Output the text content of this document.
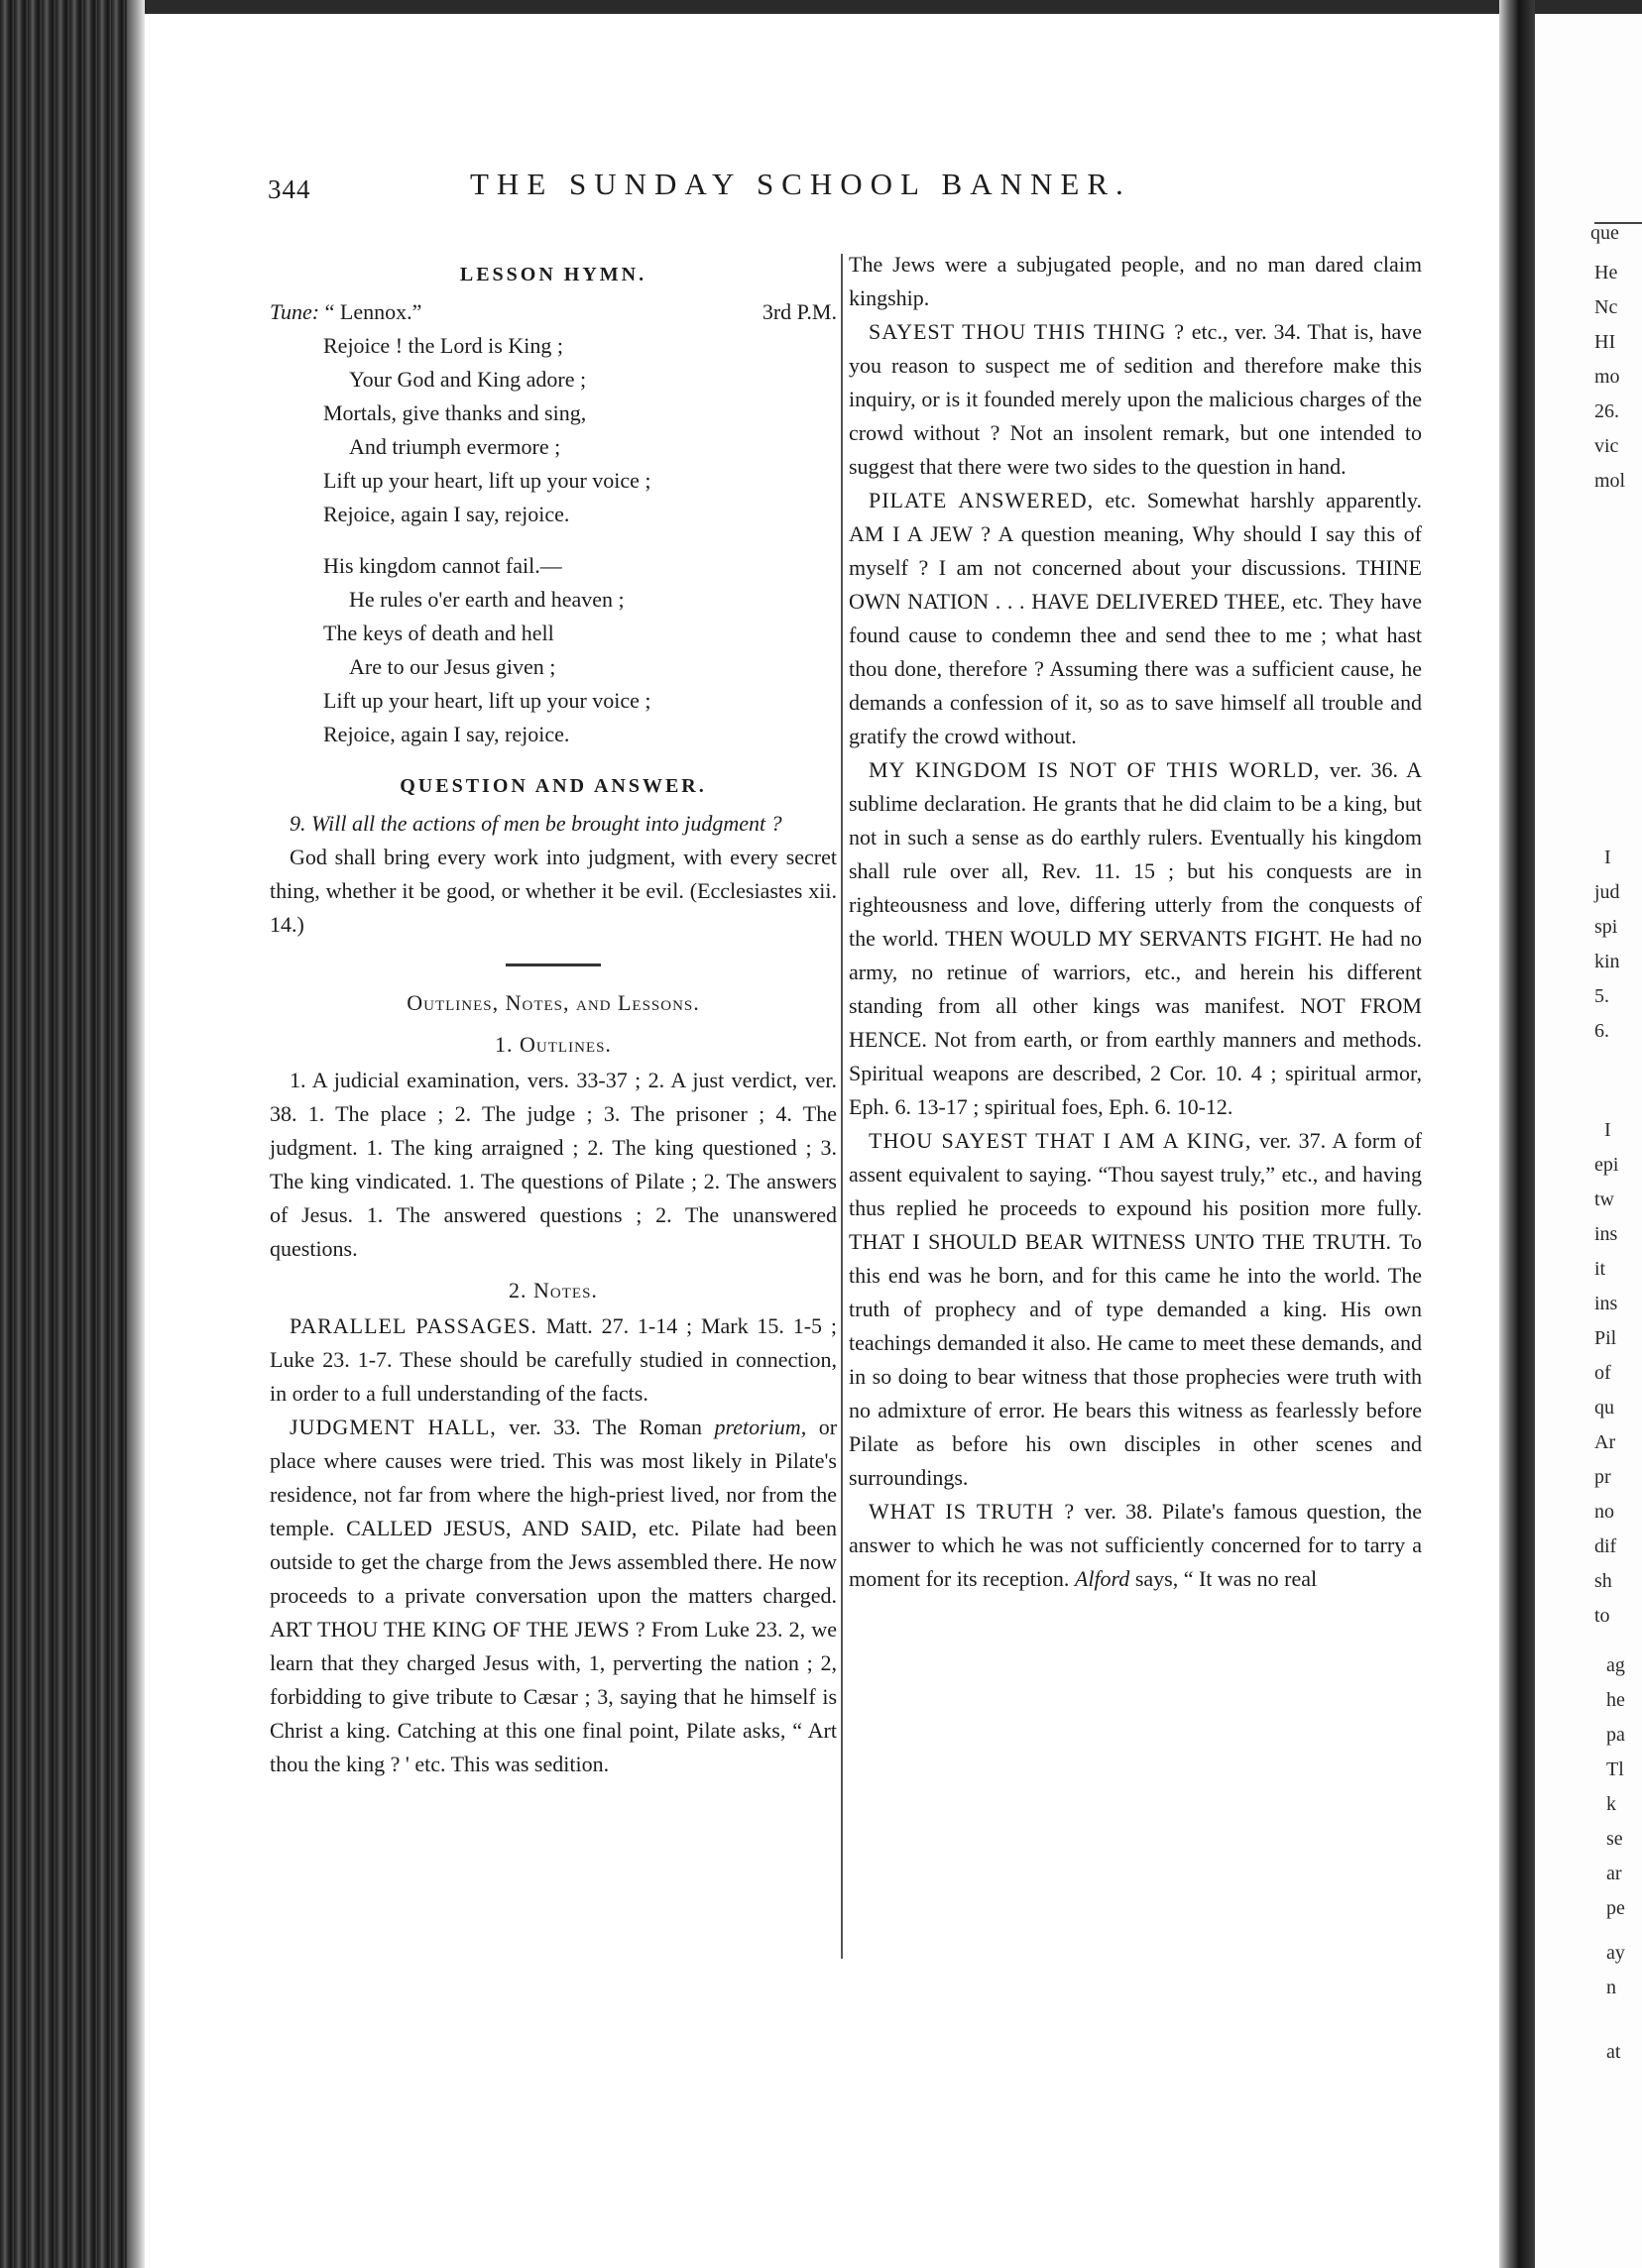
que
He
Nc
HI
mo
26.
vic
mol
I
jud
spi
kin
5.
6.
I
epi
tw
ins
it
ins
Pil
of
qu
Ar
pr
no
dif
sh
to
ag
he
pa
Tl
k
se
ar
pe
ay
n
at
344	THE SUNDAY SCHOOL BANNER.
LESSON HYMN.
Tune: “ Lennox.”	3rd P.M.
Rejoice ! the Lord is King ;
Your God and King adore ;
Mortals, give thanks and sing,
And triumph evermore ;
Lift up your heart, lift up your voice ;
Rejoice, again I say, rejoice.
His kingdom cannot fail.—
He rules o'er earth and heaven ;
The keys of death and hell
Are to our Jesus given ;
Lift up your heart, lift up your voice ;
Rejoice, again I say, rejoice.
QUESTION AND ANSWER.
9. Will all the actions of men be brought into judgment ?
God shall bring every work into judgment, with every secret thing, whether it be good, or whether it be evil. (Ecclesiastes xii. 14.)
Outlines, Notes, and Lessons.
1. Outlines.

1. A judicial examination, vers. 33-37 ; 2. A just verdict, ver. 38. 1. The place ; 2. The judge ; 3. The prisoner ; 4. The judgment. 1. The king arraigned ; 2. The king questioned ; 3. The king vindicated. 1. The questions of Pilate ; 2. The answers of Jesus. 1. The answered questions ; 2. The unanswered questions.

2. Notes.

PARALLEL PASSAGES. Matt. 27. 1-14 ; Mark 15. 1-5 ; Luke 23. 1-7. These should be carefully studied in connection, in order to a full understanding of the facts.

JUDGMENT HALL, ver. 33. The Roman pretorium, or place where causes were tried. This was most likely in Pilate's residence, not far from where the high-priest lived, nor from the temple. CALLED JESUS, AND SAID, etc. Pilate had been outside to get the charge from the Jews assembled there. He now proceeds to a private conversation upon the matters charged. ART THOU THE KING OF THE JEWS ? From Luke 23. 2, we learn that they charged Jesus with, 1, perverting the nation ; 2, forbidding to give tribute to Cæsar ; 3, saying that he himself is Christ a king. Catching at this one final point, Pilate asks, “ Art thou the king ? ' etc. This was sedition.

The Jews were a subjugated people, and no man dared claim kingship.

SAYEST THOU THIS THING ? etc., ver. 34. That is, have you reason to suspect me of sedition and therefore make this inquiry, or is it founded merely upon the malicious charges of the crowd without ? Not an insolent remark, but one intended to suggest that there were two sides to the question in hand.

PILATE ANSWERED, etc. Somewhat harshly apparently. AM I A JEW ? A question meaning, Why should I say this of myself ? I am not concerned about your discussions. THINE OWN NATION . . . HAVE DELIVERED THEE, etc. They have found cause to condemn thee and send thee to me ; what hast thou done, therefore ? Assuming there was a sufficient cause, he demands a confession of it, so as to save himself all trouble and gratify the crowd without.

MY KINGDOM IS NOT OF THIS WORLD, ver. 36. A sublime declaration. He grants that he did claim to be a king, but not in such a sense as do earthly rulers. Eventually his kingdom shall rule over all, Rev. 11. 15 ; but his conquests are in righteousness and love, differing utterly from the conquests of the world. THEN WOULD MY SERVANTS FIGHT. He had no army, no retinue of warriors, etc., and herein his different standing from all other kings was manifest. NOT FROM HENCE. Not from earth, or from earthly manners and methods. Spiritual weapons are described, 2 Cor. 10. 4 ; spiritual armor, Eph. 6. 13-17 ; spiritual foes, Eph. 6. 10-12.

THOU SAYEST THAT I AM A KING, ver. 37. A form of assent equivalent to saying. “Thou sayest truly,” etc., and having thus replied he proceeds to expound his position more fully. THAT I SHOULD BEAR WITNESS UNTO THE TRUTH. To this end was he born, and for this came he into the world. The truth of prophecy and of type demanded a king. His own teachings demanded it also. He came to meet these demands, and in so doing to bear witness that those prophecies were truth with no admixture of error. He bears this witness as fearlessly before Pilate as before his own disciples in other scenes and surroundings.

WHAT IS TRUTH ? ver. 38. Pilate's famous question, the answer to which he was not sufficiently concerned for to tarry a moment for its reception. Alford says, “ It was no real
